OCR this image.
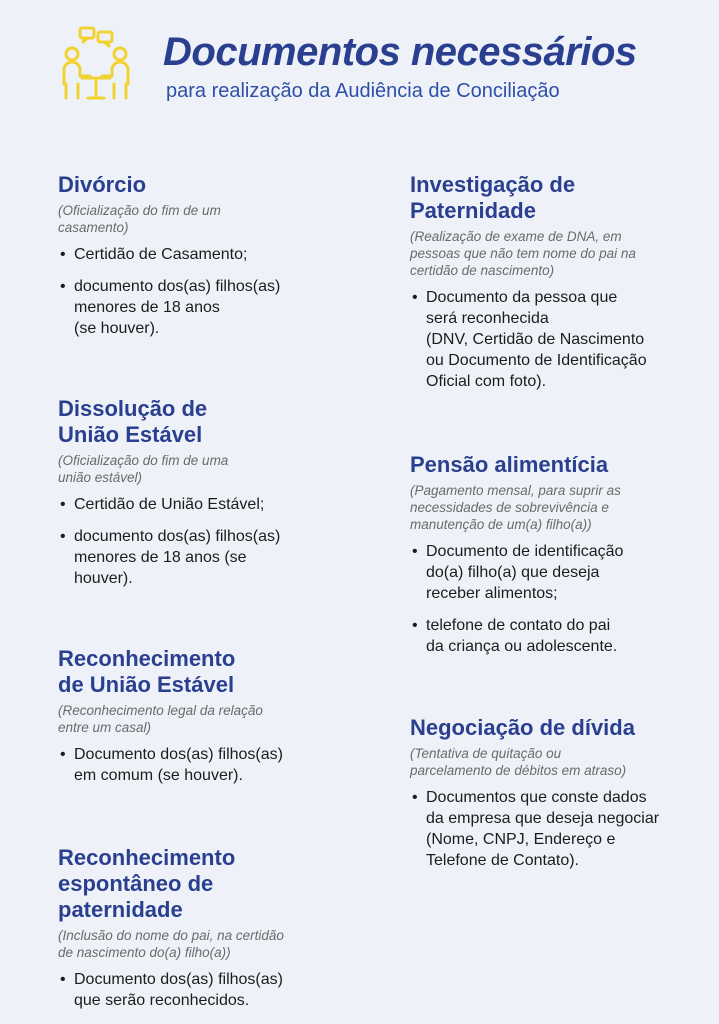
Documentos necessários
para realização da Audiência de Conciliação
Divórcio
(Oficialização do fim de um
casamento)
• Certidão de Casamento;
• documento dos(as) filhos(as)
menores de 18 anos
(se houver).
Dissolução de
União Estável
(Oficialização do fim de uma
união estável)
• Certidão de União Estável;
• documento dos(as) filhos(as)
menores de 18 anos (se
houver).
Reconhecimento
de União Estável
(Reconhecimento legal da relação
entre um casal)
• Documento dos(as) filhos(as)
em comum (se houver).
Reconhecimento
espontâneo de
paternidade
(Inclusão do nome do pai, na certidão
de nascimento do(a) filho(a))
• Documento dos(as) filhos(as)
que serão reconhecidos.
Investigação de
Paternidade
(Realização de exame de DNA, em
pessoas que não tem nome do pai na
certidão de nascimento)
• Documento da pessoa que
será reconhecida
(DNV, Certidão de Nascimento
ou Documento de Identificação
Oficial com foto).
Pensão alimentícia
(Pagamento mensal, para suprir as
necessidades de sobrevivência e
manutenção de um(a) filho(a))
• Documento de identificação
do(a) filho(a) que deseja
receber alimentos;
• telefone de contato do pai
da criança ou adolescente.
Negociação de dívida
(Tentativa de quitação ou
parcelamento de débitos em atraso)
• Documentos que conste dados
da empresa que deseja negociar
(Nome, CNPJ, Endereço e
Telefone de Contato).
